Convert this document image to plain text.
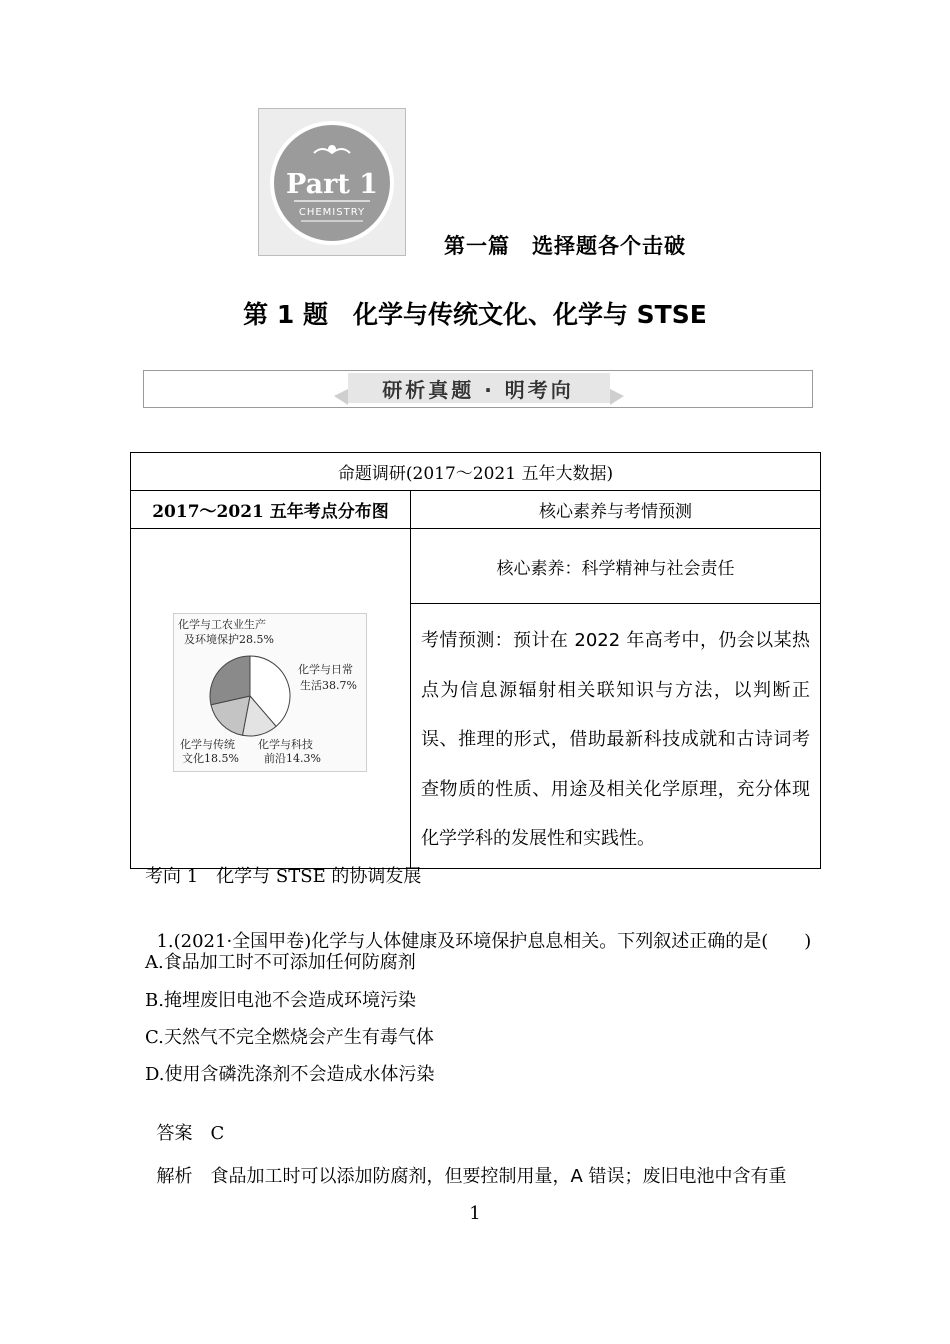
Part 1
CHEMISTRY
第一篇　选择题各个击破
第 1 题　化学与传统文化、化学与 STSE
研析真题 · 明考向
命题调研(2017～2021 五年大数据)	
2017～2021 五年考点分布图	核心素养与考情预测
	核心素养：科学精神与社会责任
	考情预测：预计在 2022 年高考中，仍会以某热点为信息源辐射相关联知识与方法，以判断正误、推理的形式，借助最新科技成就和古诗词考查物质的性质、用途及相关化学原理，充分体现化学学科的发展性和实践性。
化学与工农业生产
及环境保护28.5%
化学与日常
生活38.7%
化学与科技
前沿14.3%
化学与传统
文化18.5%
考向 1　化学与 STSE 的协调发展

1.(2021·全国甲卷)化学与人体健康及环境保护息息相关。下列叙述正确的是(　　)

A.食品加工时不可添加任何防腐剂
B.掩埋废旧电池不会造成环境污染
C.天然气不完全燃烧会产生有毒气体
D.使用含磷洗涤剂不会造成水体污染

答案　 C

解析　 食品加工时可以添加防腐剂，但要控制用量，A 错误；废旧电池中含有重

1
